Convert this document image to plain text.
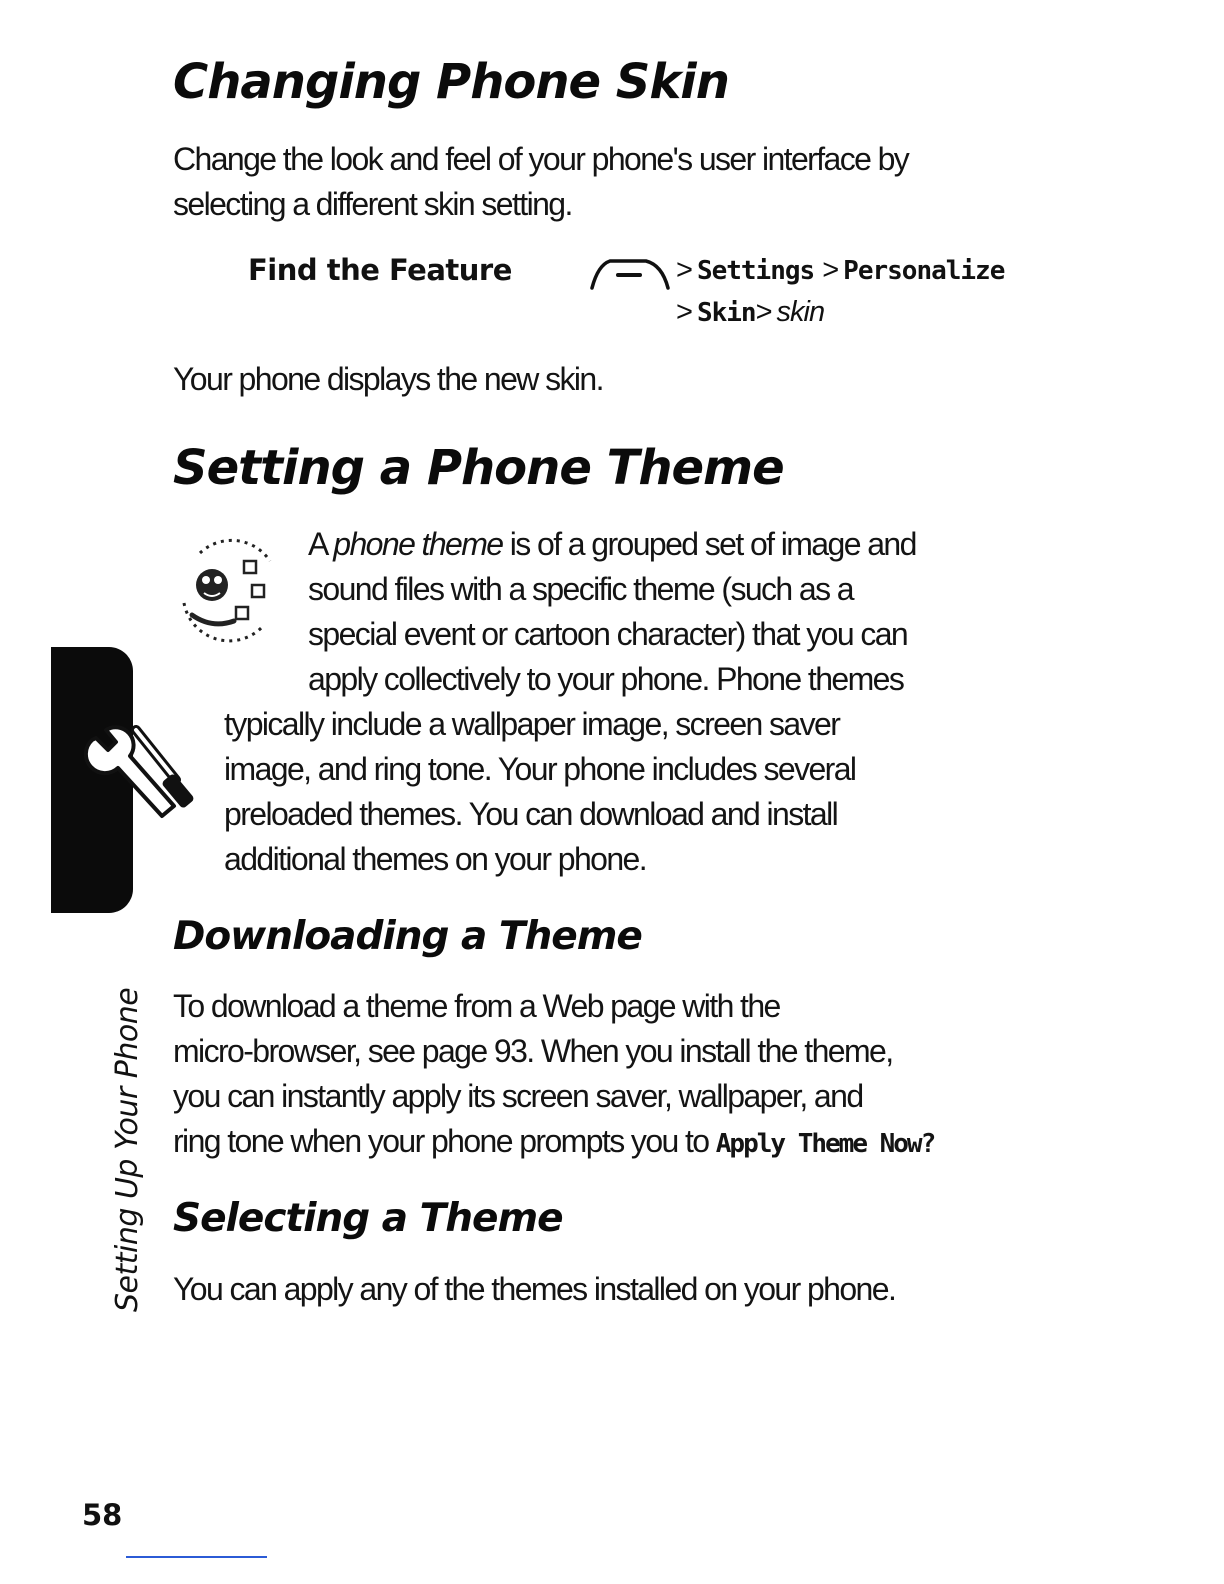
Changing Phone Skin

Change the look and feel of your phone's user interface by
selecting a different skin setting.

Find the Feature	> Settings > Personalize
> Skin> skin

Your phone displays the new skin.

Setting a Phone Theme

A phone theme is of a grouped set of image and
sound files with a specific theme (such as a
special event or cartoon character) that you can
apply collectively to your phone. Phone themes
typically include a wallpaper image, screen saver
image, and ring tone. Your phone includes several
preloaded themes. You can download and install
additional themes on your phone.

Setting Up Your Phone
Downloading a Theme

To download a theme from a Web page with the
micro-browser, see page 93. When you install the theme,
you can instantly apply its screen saver, wallpaper, and
ring tone when your phone prompts you to Apply Theme Now?

Selecting a Theme

You can apply any of the themes installed on your phone.

58
